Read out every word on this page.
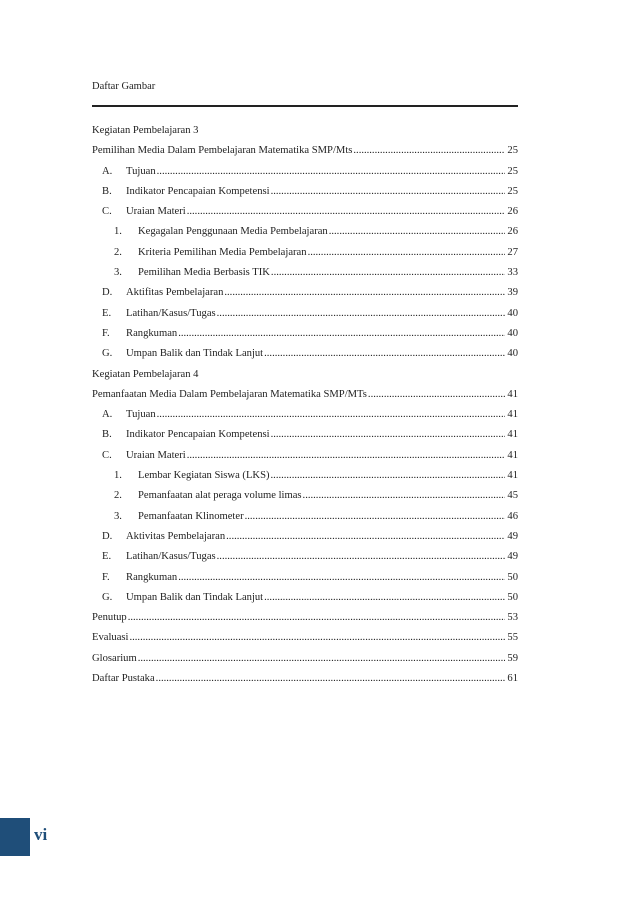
Daftar Gambar
Kegiatan Pembelajaran 3
Pemilihan Media Dalam Pembelajaran Matematika SMP/Mts .....	25
A.	Tujuan .....	25
B.	Indikator Pencapaian Kompetensi .....	25
C.	Uraian Materi .....	26
1.	Kegagalan Penggunaan Media Pembelajaran .....	26
2.	Kriteria Pemilihan Media Pembelajaran .....	27
3.	Pemilihan Media Berbasis TIK .....	33
D.	Aktifitas Pembelajaran .....	39
E.	Latihan/Kasus/Tugas .....	40
F.	Rangkuman .....	40
G.	Umpan Balik dan Tindak Lanjut .....	40
Kegiatan Pembelajaran 4
Pemanfaatan Media Dalam Pembelajaran Matematika SMP/MTs .....	41
A.	Tujuan .....	41
B.	Indikator Pencapaian Kompetensi .....	41
C.	Uraian Materi .....	41
1.	Lembar Kegiatan Siswa (LKS) .....	41
2.	Pemanfaatan alat peraga volume limas .....	45
3.	Pemanfaatan Klinometer .....	46
D.	Aktivitas Pembelajaran .....	49
E.	Latihan/Kasus/Tugas .....	49
F.	Rangkuman .....	50
G.	Umpan Balik dan Tindak Lanjut .....	50
Penutup .....	53
Evaluasi .....	55
Glosarium .....	59
Daftar Pustaka .....	61
vi
